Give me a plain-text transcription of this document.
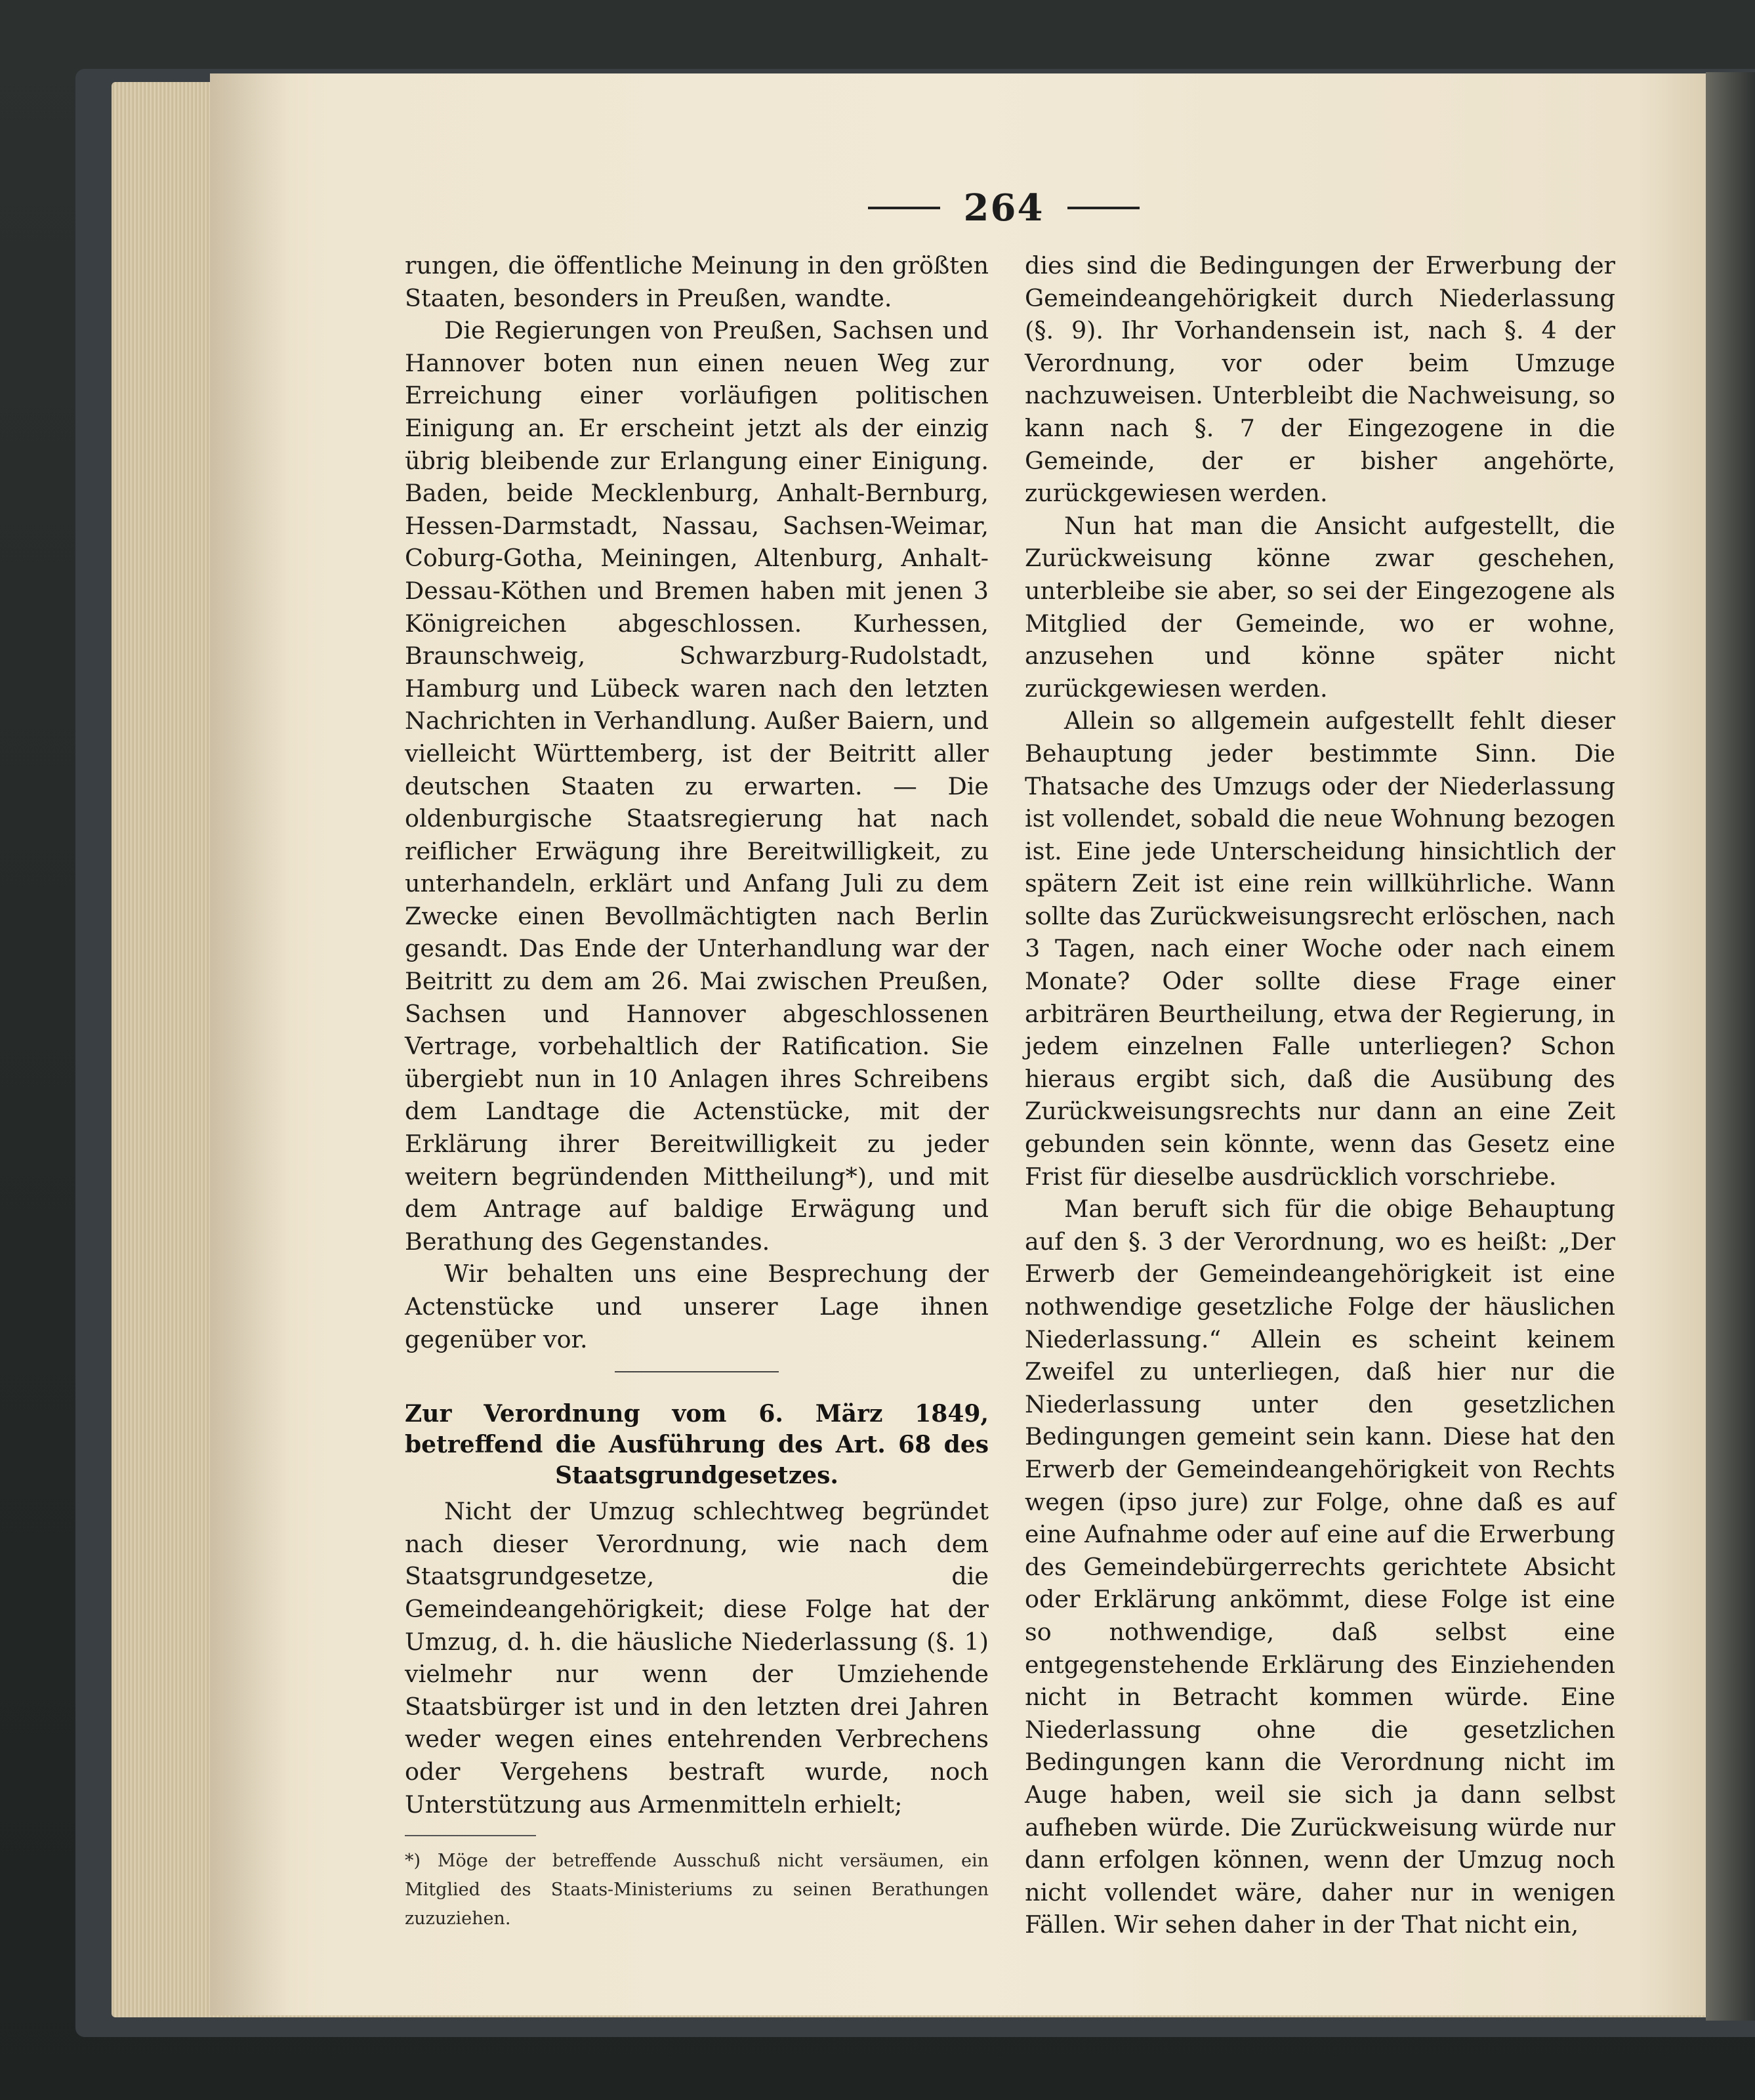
264

rungen, die öffentliche Meinung in den größten Staaten, besonders in Preußen, wandte.

Die Regierungen von Preußen, Sachsen und Hannover boten nun einen neuen Weg zur Erreichung einer vorläufigen politischen Einigung an. Er erscheint jetzt als der einzig übrig bleibende zur Erlangung einer Einigung. Baden, beide Mecklenburg, Anhalt-Bernburg, Hessen-Darmstadt, Nassau, Sachsen-Weimar, Coburg-Gotha, Meiningen, Altenburg, Anhalt-Dessau-Köthen und Bremen haben mit jenen 3 Königreichen abgeschlossen. Kurhessen, Braunschweig, Schwarzburg-Rudolstadt, Hamburg und Lübeck waren nach den letzten Nachrichten in Verhandlung. Außer Baiern, und vielleicht Württemberg, ist der Beitritt aller deutschen Staaten zu erwarten. — Die oldenburgische Staatsregierung hat nach reiflicher Erwägung ihre Bereitwilligkeit, zu unterhandeln, erklärt und Anfang Juli zu dem Zwecke einen Bevollmächtigten nach Berlin gesandt. Das Ende der Unterhandlung war der Beitritt zu dem am 26. Mai zwischen Preußen, Sachsen und Hannover abgeschlossenen Vertrage, vorbehaltlich der Ratification. Sie übergiebt nun in 10 Anlagen ihres Schreibens dem Landtage die Actenstücke, mit der Erklärung ihrer Bereitwilligkeit zu jeder weitern begründenden Mittheilung*), und mit dem Antrage auf baldige Erwägung und Berathung des Gegenstandes.

Wir behalten uns eine Besprechung der Actenstücke und unserer Lage ihnen gegenüber vor.

Zur Verordnung vom 6. März 1849, betreffend die Ausführung des Art. 68 des Staatsgrundgesetzes.

Nicht der Umzug schlechtweg begründet nach dieser Verordnung, wie nach dem Staatsgrundgesetze, die Gemeindeangehörigkeit; diese Folge hat der Umzug, d. h. die häusliche Niederlassung (§. 1) vielmehr nur wenn der Umziehende Staatsbürger ist und in den letzten drei Jahren weder wegen eines entehrenden Verbrechens oder Vergehens bestraft wurde, noch Unterstützung aus Armenmitteln erhielt;

*) Möge der betreffende Ausschuß nicht versäumen, ein Mitglied des Staats-Ministeriums zu seinen Berathungen zuzuziehen.

dies sind die Bedingungen der Erwerbung der Gemeindeangehörigkeit durch Niederlassung (§. 9). Ihr Vorhandensein ist, nach §. 4 der Verordnung, vor oder beim Umzuge nachzuweisen. Unterbleibt die Nachweisung, so kann nach §. 7 der Eingezogene in die Gemeinde, der er bisher angehörte, zurückgewiesen werden.

Nun hat man die Ansicht aufgestellt, die Zurückweisung könne zwar geschehen, unterbleibe sie aber, so sei der Eingezogene als Mitglied der Gemeinde, wo er wohne, anzusehen und könne später nicht zurückgewiesen werden.

Allein so allgemein aufgestellt fehlt dieser Behauptung jeder bestimmte Sinn. Die Thatsache des Umzugs oder der Niederlassung ist vollendet, sobald die neue Wohnung bezogen ist. Eine jede Unterscheidung hinsichtlich der spätern Zeit ist eine rein willkührliche. Wann sollte das Zurückweisungsrecht erlöschen, nach 3 Tagen, nach einer Woche oder nach einem Monate? Oder sollte diese Frage einer arbiträren Beurtheilung, etwa der Regierung, in jedem einzelnen Falle unterliegen? Schon hieraus ergibt sich, daß die Ausübung des Zurückweisungsrechts nur dann an eine Zeit gebunden sein könnte, wenn das Gesetz eine Frist für dieselbe ausdrücklich vorschriebe.

Man beruft sich für die obige Behauptung auf den §. 3 der Verordnung, wo es heißt: „Der Erwerb der Gemeindeangehörigkeit ist eine nothwendige gesetzliche Folge der häuslichen Niederlassung.“ Allein es scheint keinem Zweifel zu unterliegen, daß hier nur die Niederlassung unter den gesetzlichen Bedingungen gemeint sein kann. Diese hat den Erwerb der Gemeindeangehörigkeit von Rechts wegen (ipso jure) zur Folge, ohne daß es auf eine Aufnahme oder auf eine auf die Erwerbung des Gemeindebürgerrechts gerichtete Absicht oder Erklärung ankömmt, diese Folge ist eine so nothwendige, daß selbst eine entgegenstehende Erklärung des Einziehenden nicht in Betracht kommen würde. Eine Niederlassung ohne die gesetzlichen Bedingungen kann die Verordnung nicht im Auge haben, weil sie sich ja dann selbst aufheben würde. Die Zurückweisung würde nur dann erfolgen können, wenn der Umzug noch nicht vollendet wäre, daher nur in wenigen Fällen. Wir sehen daher in der That nicht ein,
